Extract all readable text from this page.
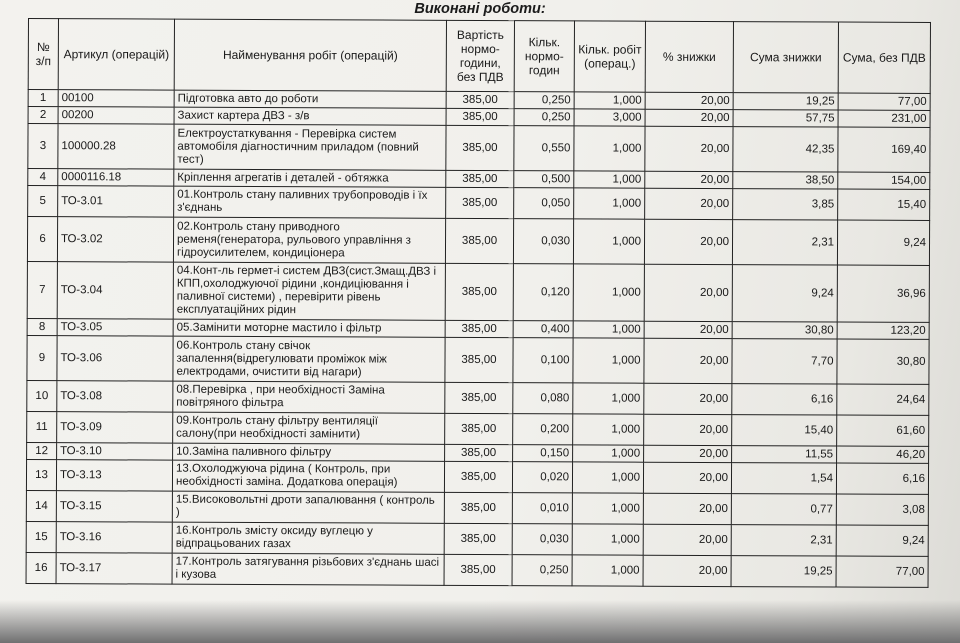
Виконані роботи:
№ з/п	Артикул (операцій)	Найменування робіт (операцій)	Вартість нормо-години, без ПДВ	Кільк. нормо-годин	Кільк. робіт (операц.)	% знижки	Сума знижки	Сума, без ПДВ
1	00100	Підготовка авто до роботи	385,00	0,250	1,000	20,00	19,25	77,00
2	00200	Захист картера ДВЗ - з/в	385,00	0,250	3,000	20,00	57,75	231,00
3	100000.28	Електроустаткування - Перевірка систем автомобіля діагностичним приладом (повний тест)	385,00	0,550	1,000	20,00	42,35	169,40
4	0000116.18	Кріплення агрегатів і деталей - обтяжка	385,00	0,500	1,000	20,00	38,50	154,00
5	ТО-3.01	01.Контроль стану паливних трубопроводів і їх з'єднань	385,00	0,050	1,000	20,00	3,85	15,40
6	ТО-3.02	02.Контроль стану приводного ременя(генератора, рульового управління з гідроусилителем, кондиціонера	385,00	0,030	1,000	20,00	2,31	9,24
7	ТО-3.04	04.Конт-ль гермет-і систем ДВЗ(сист.Змащ.ДВЗ і КПП,охолоджуючої рідини ,кондиціювання і паливної системи) , перевірити рівень експлуатаційних рідин	385,00	0,120	1,000	20,00	9,24	36,96
8	ТО-3.05	05.Замінити моторне мастило і фільтр	385,00	0,400	1,000	20,00	30,80	123,20
9	ТО-3.06	06.Контроль стану свічок запалення(відрегулювати проміжок між електродами, очистити від нагари)	385,00	0,100	1,000	20,00	7,70	30,80
10	ТО-3.08	08.Перевірка , при необхідності Заміна повітряного фільтра	385,00	0,080	1,000	20,00	6,16	24,64
11	ТО-3.09	09.Контроль стану фільтру вентиляції салону(при необхідності замінити)	385,00	0,200	1,000	20,00	15,40	61,60
12	ТО-3.10	10.Заміна паливного фільтру	385,00	0,150	1,000	20,00	11,55	46,20
13	ТО-3.13	13.Охолоджуюча рідина ( Контроль, при необхідності заміна. Додаткова операція)	385,00	0,020	1,000	20,00	1,54	6,16
14	ТО-3.15	15.Високовольтні дроти запалювання ( контроль )	385,00	0,010	1,000	20,00	0,77	3,08
15	ТО-3.16	16.Контроль змісту оксиду вуглецю у відпрацьованих газах	385,00	0,030	1,000	20,00	2,31	9,24
16	ТО-3.17	17.Контроль затягування різьбових з'єднань шасі і кузова	385,00	0,250	1,000	20,00	19,25	77,00
